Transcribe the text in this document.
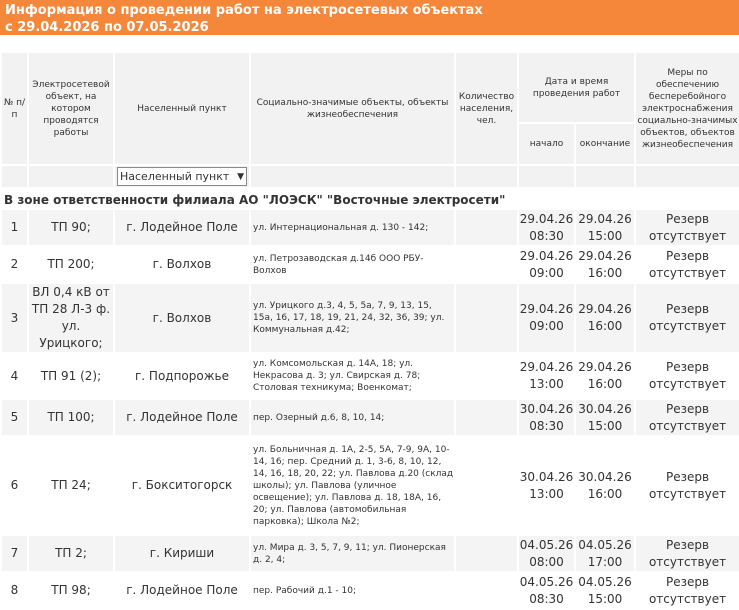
Информация о проведении работ на электросетевых объектах
с 29.04.2026 по 07.05.2026
№ п/п	Электросетевой объект, на котором проводятся работы	Населенный пункт	Социально-значимые объекты, объекты жизнеобеспечения	Количество населения, чел.	Дата и время проведения работ		Меры по обеспечению бесперебойного электроснабжения социально-значимых объектов, объектов жизнеобеспечения
					начало	окончание	

		Населенный пункт ▼					

В зоне ответственности филиала АО "ЛОЭСК" "Восточные электросети"							
1	ТП 90;	г. Лодейное Поле	ул. Интернациональная д. 130 - 142;		29.04.26 08:30	29.04.26 15:00	Резерв отсутствует
2	ТП 200;	г. Волхов	ул. Петрозаводская д.14б ООО РБУ-Волхов		29.04.26 09:00	29.04.26 16:00	Резерв отсутствует
3	ВЛ 0,4 кВ от ТП 28 Л-3 ф. ул. Урицкого;	г. Волхов	ул. Урицкого д.3, 4, 5, 5а, 7, 9, 13, 15, 15а, 16, 17, 18, 19, 21, 24, 32, 36, 39; ул. Коммунальная д.42;		29.04.26 09:00	29.04.26 16:00	Резерв отсутствует
4	ТП 91 (2);	г. Подпорожье	ул. Комсомольская д. 14А, 18; ул. Некрасова д. 3; ул. Свирская д. 78; Столовая техникума; Военкомат;		29.04.26 13:00	29.04.26 16:00	Резерв отсутствует
5	ТП 100;	г. Лодейное Поле	пер. Озерный д.6, 8, 10, 14;		30.04.26 08:30	30.04.26 15:00	Резерв отсутствует
6	ТП 24;	г. Бокситогорск	ул. Больничная д. 1А, 2-5, 5А, 7-9, 9А, 10-14, 16; пер. Средний д. 1, 3-6, 8, 10, 12, 14, 16, 18, 20, 22; ул. Павлова д.20 (склад школы); ул. Павлова (уличное освещение); ул. Павлова д. 18, 18А, 16, 20; ул. Павлова (автомобильная парковка); Школа №2;		30.04.26 13:00	30.04.26 16:00	Резерв отсутствует
7	ТП 2;	г. Кириши	ул. Мира д. 3, 5, 7, 9, 11; ул. Пионерская д. 2, 4;		04.05.26 08:00	04.05.26 17:00	Резерв отсутствует
8	ТП 98;	г. Лодейное Поле	пер. Рабочий д.1 - 10;		04.05.26 08:30	04.05.26 15:00	Резерв отсутствует
